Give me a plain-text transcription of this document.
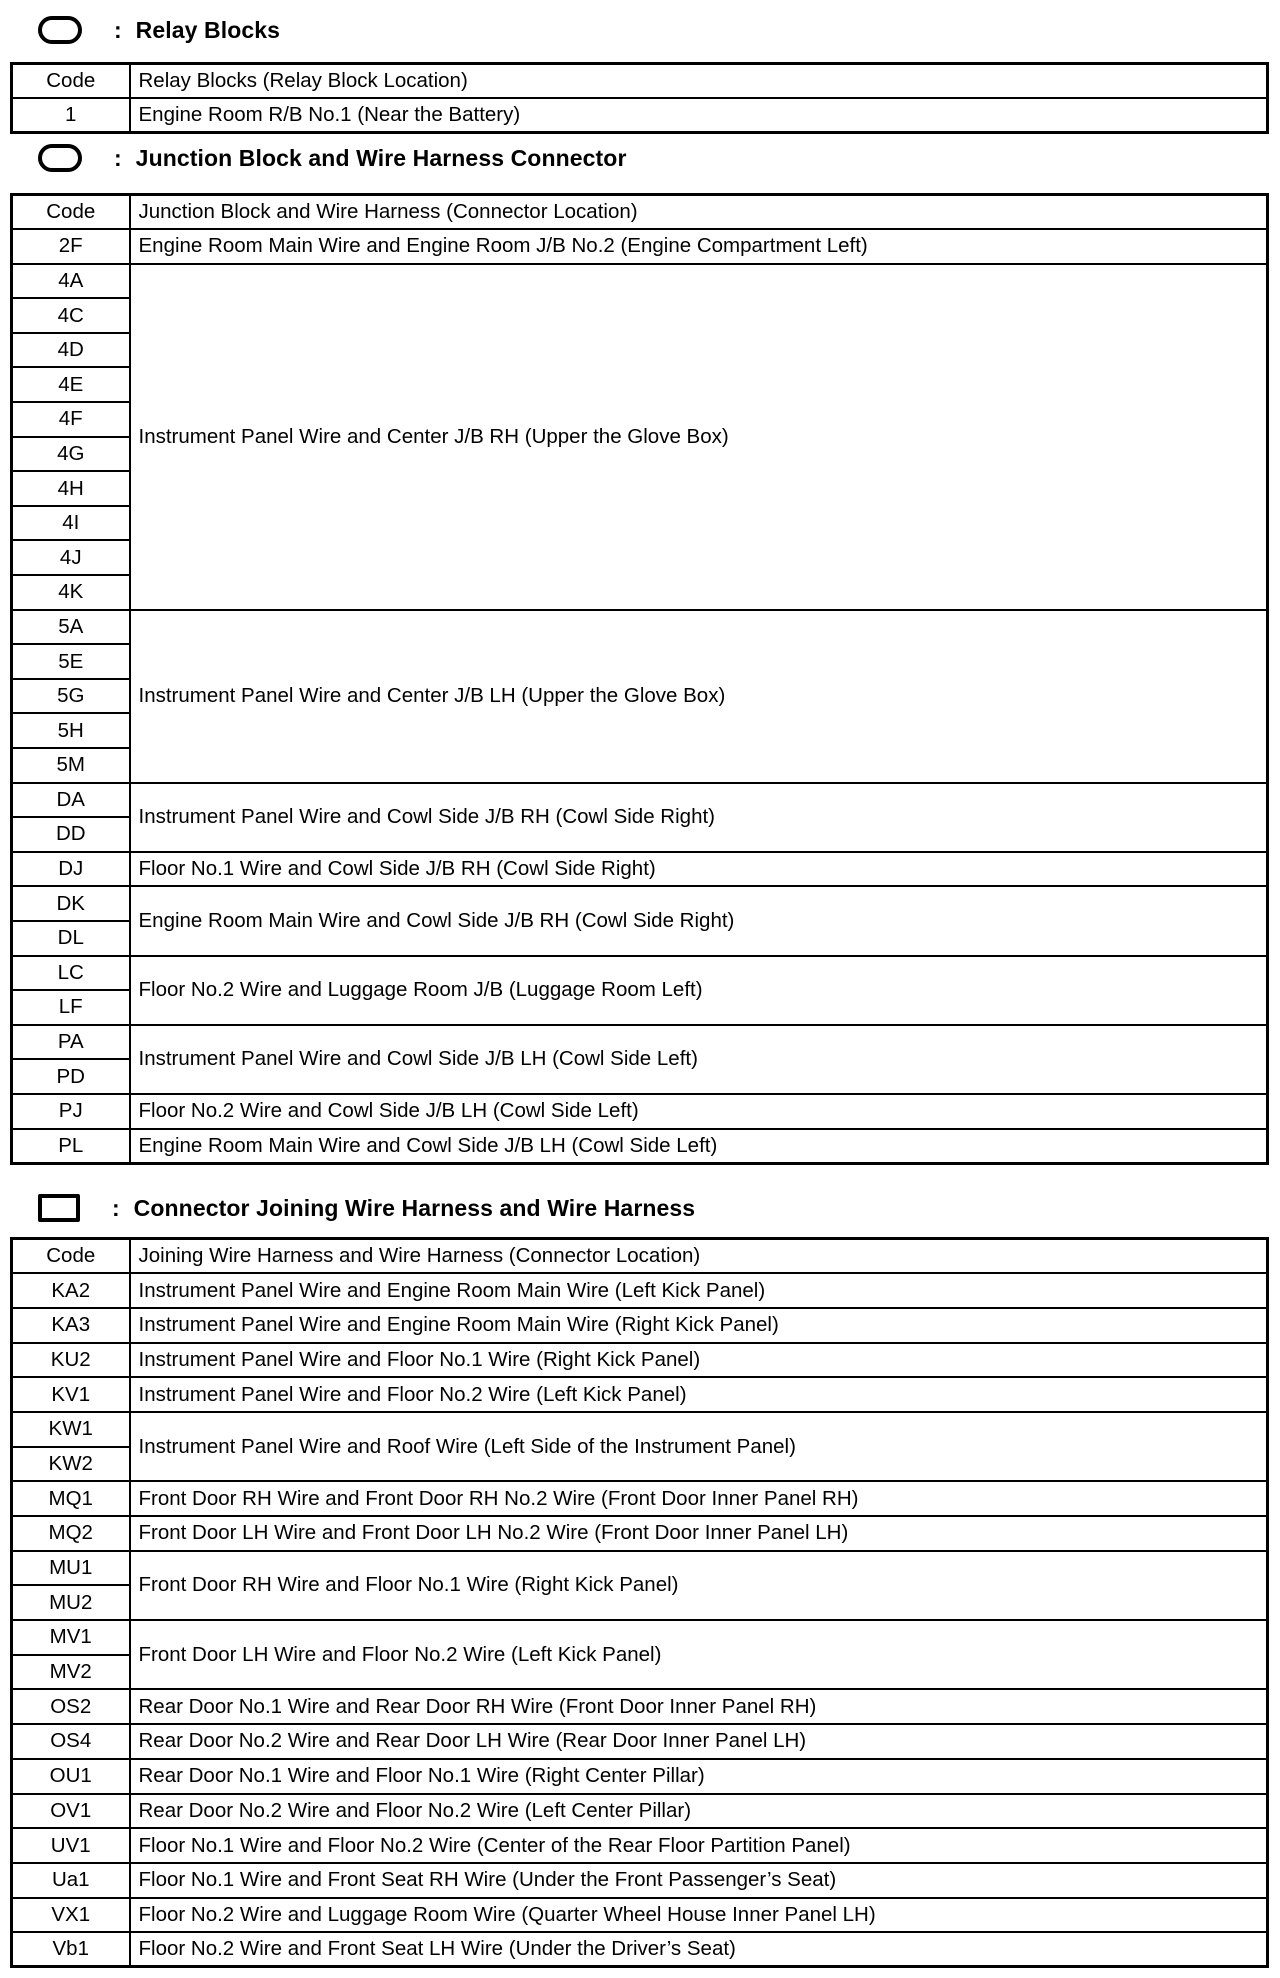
: Relay Blocks
Code	Relay Blocks (Relay Block Location)
1	Engine Room R/B No.1 (Near the Battery)
: Junction Block and Wire Harness Connector
Code	Junction Block and Wire Harness (Connector Location)
2F	Engine Room Main Wire and Engine Room J/B No.2 (Engine Compartment Left)
4A	Instrument Panel Wire and Center J/B RH (Upper the Glove Box)
4C	
4D	
4E	
4F	
4G	
4H	
4I	
4J	
4K	
5A	Instrument Panel Wire and Center J/B LH (Upper the Glove Box)
5E	
5G	
5H	
5M	
DA	Instrument Panel Wire and Cowl Side J/B RH (Cowl Side Right)
DD	
DJ	Floor No.1 Wire and Cowl Side J/B RH (Cowl Side Right)
DK	Engine Room Main Wire and Cowl Side J/B RH (Cowl Side Right)
DL	
LC	Floor No.2 Wire and Luggage Room J/B (Luggage Room Left)
LF	
PA	Instrument Panel Wire and Cowl Side J/B LH (Cowl Side Left)
PD	
PJ	Floor No.2 Wire and Cowl Side J/B LH (Cowl Side Left)
PL	Engine Room Main Wire and Cowl Side J/B LH (Cowl Side Left)
: Connector Joining Wire Harness and Wire Harness
Code	Joining Wire Harness and Wire Harness (Connector Location)
KA2	Instrument Panel Wire and Engine Room Main Wire (Left Kick Panel)
KA3	Instrument Panel Wire and Engine Room Main Wire (Right Kick Panel)
KU2	Instrument Panel Wire and Floor No.1 Wire (Right Kick Panel)
KV1	Instrument Panel Wire and Floor No.2 Wire (Left Kick Panel)
KW1	Instrument Panel Wire and Roof Wire (Left Side of the Instrument Panel)
KW2	
MQ1	Front Door RH Wire and Front Door RH No.2 Wire (Front Door Inner Panel RH)
MQ2	Front Door LH Wire and Front Door LH No.2 Wire (Front Door Inner Panel LH)
MU1	Front Door RH Wire and Floor No.1 Wire (Right Kick Panel)
MU2	
MV1	Front Door LH Wire and Floor No.2 Wire (Left Kick Panel)
MV2	
OS2	Rear Door No.1 Wire and Rear Door RH Wire (Front Door Inner Panel RH)
OS4	Rear Door No.2 Wire and Rear Door LH Wire (Rear Door Inner Panel LH)
OU1	Rear Door No.1 Wire and Floor No.1 Wire (Right Center Pillar)
OV1	Rear Door No.2 Wire and Floor No.2 Wire (Left Center Pillar)
UV1	Floor No.1 Wire and Floor No.2 Wire (Center of the Rear Floor Partition Panel)
Ua1	Floor No.1 Wire and Front Seat RH Wire (Under the Front Passenger’s Seat)
VX1	Floor No.2 Wire and Luggage Room Wire (Quarter Wheel House Inner Panel LH)
Vb1	Floor No.2 Wire and Front Seat LH Wire (Under the Driver’s Seat)
